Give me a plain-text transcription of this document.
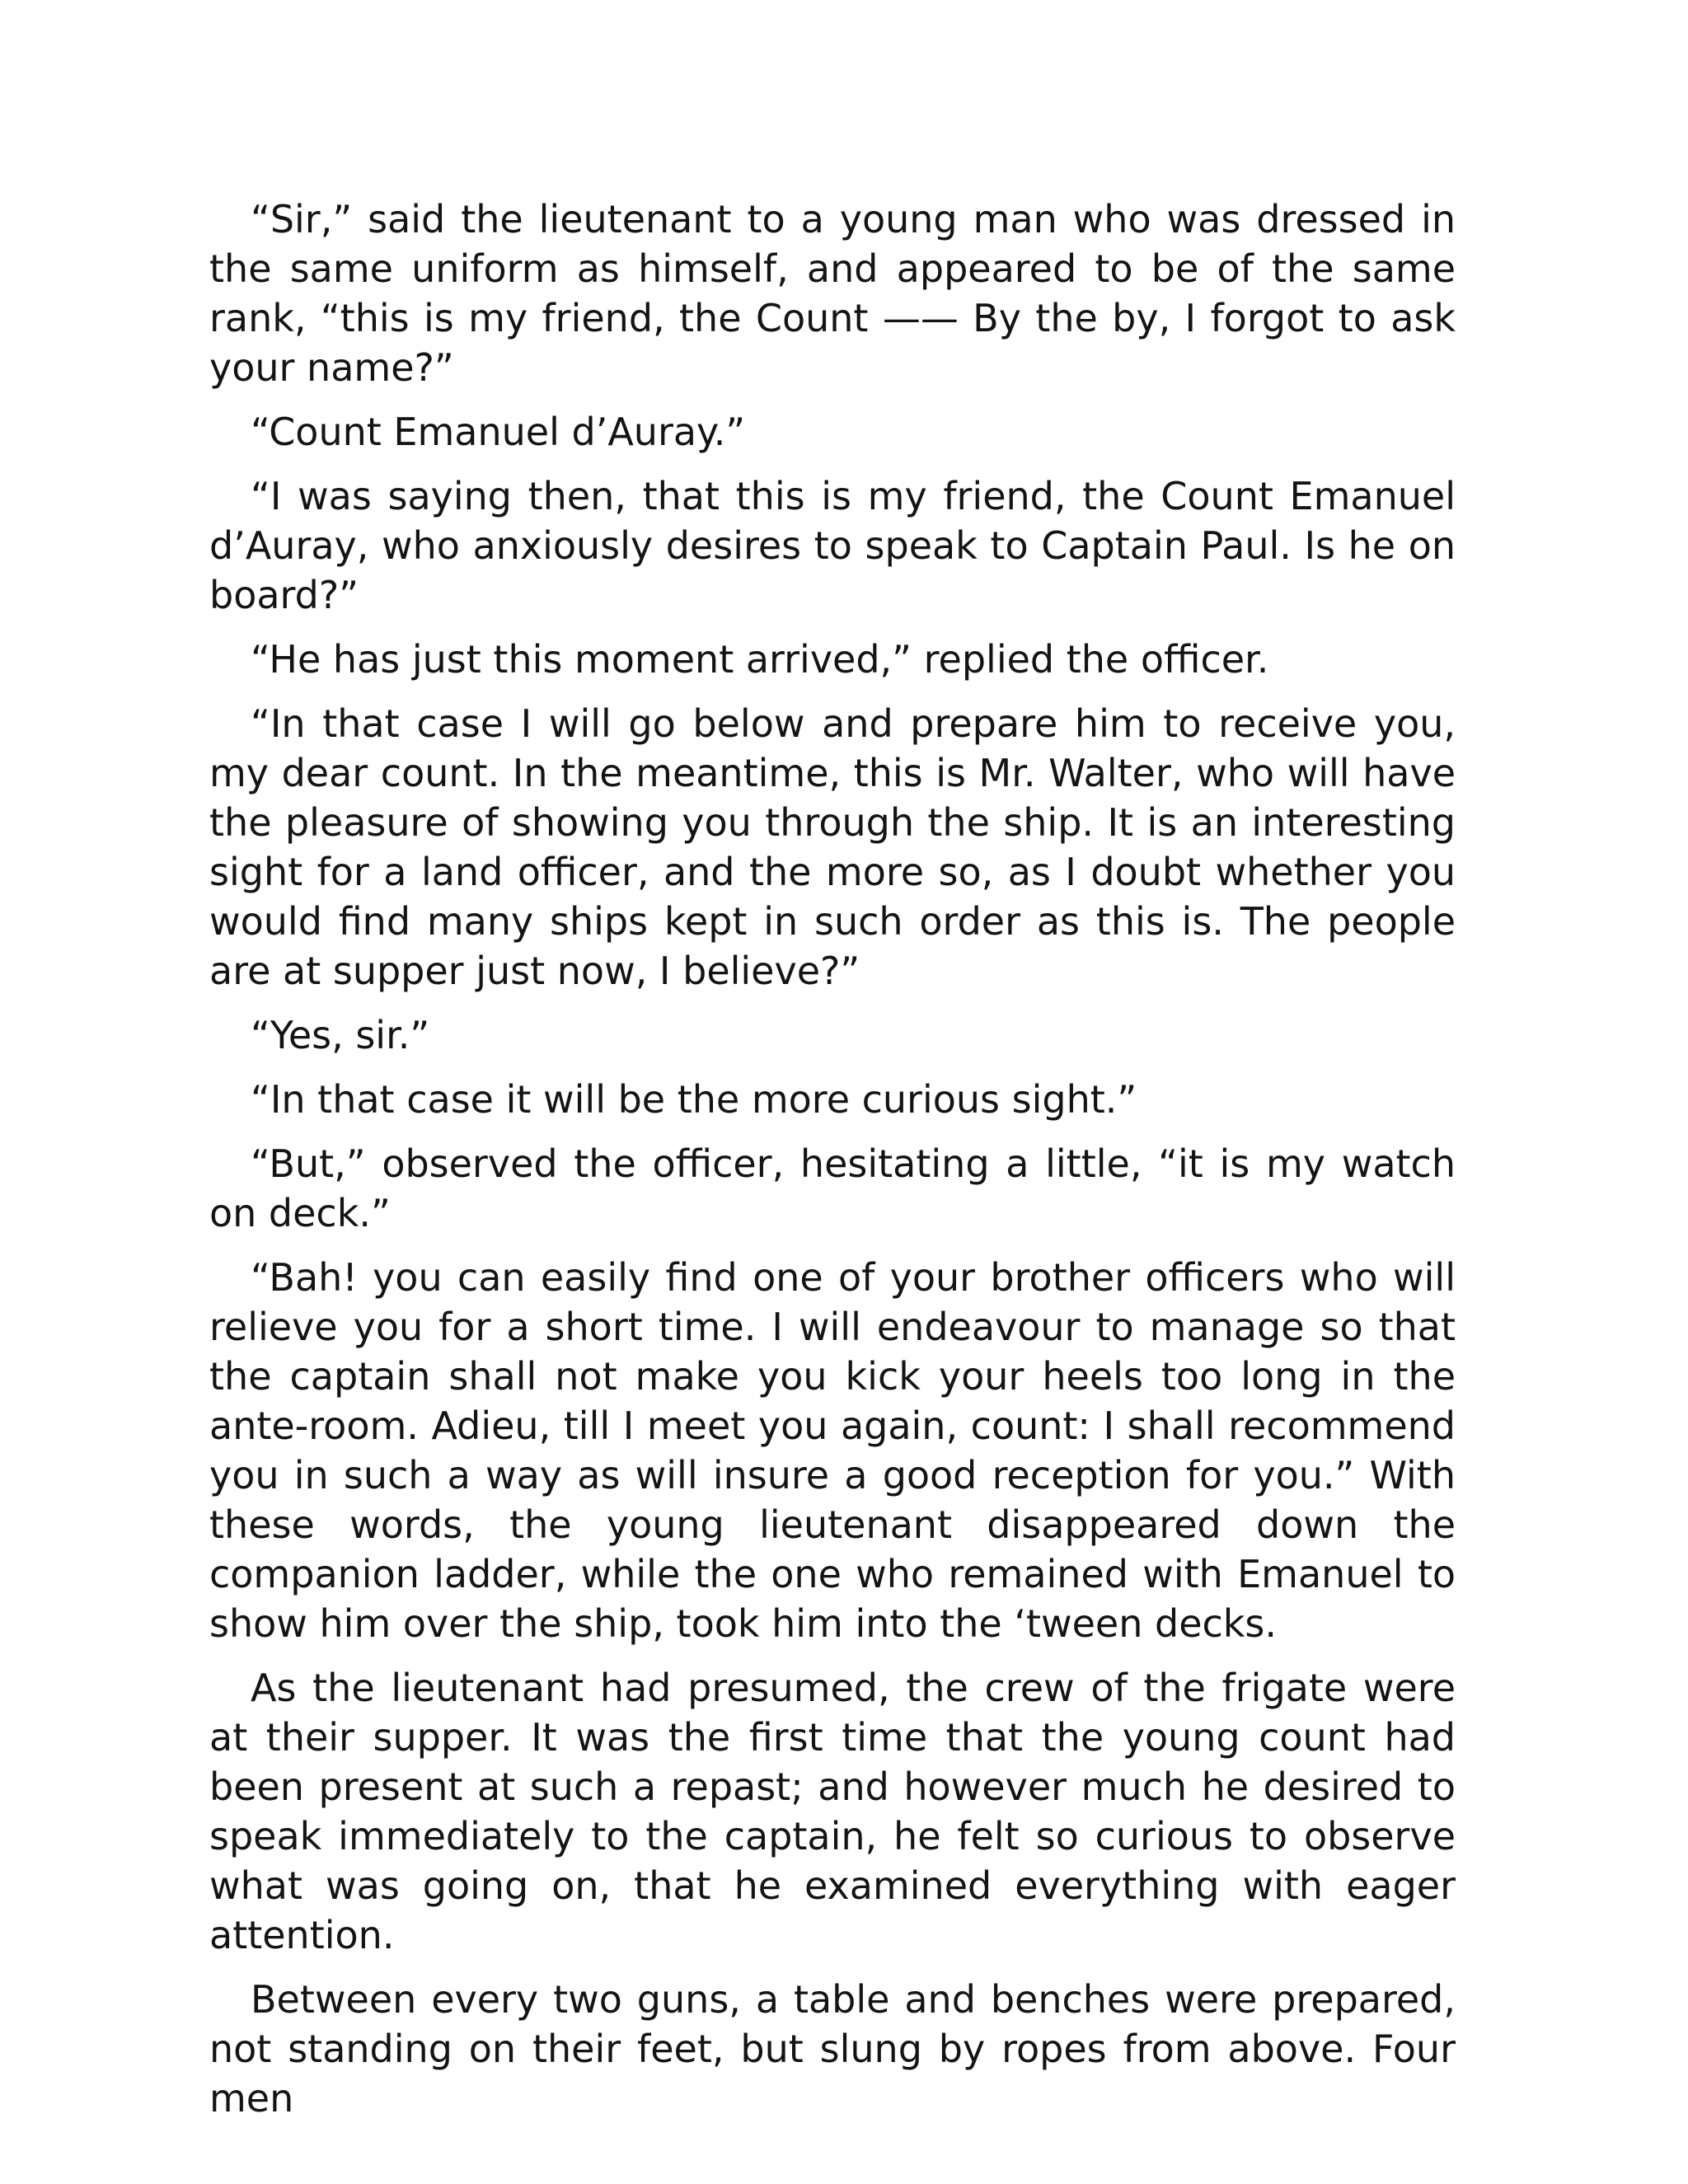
“Sir,” said the lieutenant to a young man who was dressed in the same uniform as himself, and appeared to be of the same rank, “this is my friend, the Count —— By the by, I forgot to ask your name?”

“Count Emanuel d’Auray.”

“I was saying then, that this is my friend, the Count Emanuel d’Auray, who anxiously desires to speak to Captain Paul. Is he on board?”

“He has just this moment arrived,” replied the officer.

“In that case I will go below and prepare him to receive you, my dear count. In the meantime, this is Mr. Walter, who will have the pleasure of showing you through the ship. It is an interesting sight for a land officer, and the more so, as I doubt whether you would find many ships kept in such order as this is. The people are at supper just now, I believe?”

“Yes, sir.”

“In that case it will be the more curious sight.”

“But,” observed the officer, hesitating a little, “it is my watch on deck.”

“Bah! you can easily find one of your brother officers who will relieve you for a short time. I will endeavour to manage so that the captain shall not make you kick your heels too long in the ante-room. Adieu, till I meet you again, count: I shall recommend you in such a way as will insure a good reception for you.” With these words, the young lieutenant disappeared down the companion ladder, while the one who remained with Emanuel to show him over the ship, took him into the ‘tween decks.

As the lieutenant had presumed, the crew of the frigate were at their supper. It was the first time that the young count had been present at such a repast; and however much he desired to speak immediately to the captain, he felt so curious to observe what was going on, that he examined everything with eager attention.

Between every two guns, a table and benches were prepared, not standing on their feet, but slung by ropes from above. Four men
